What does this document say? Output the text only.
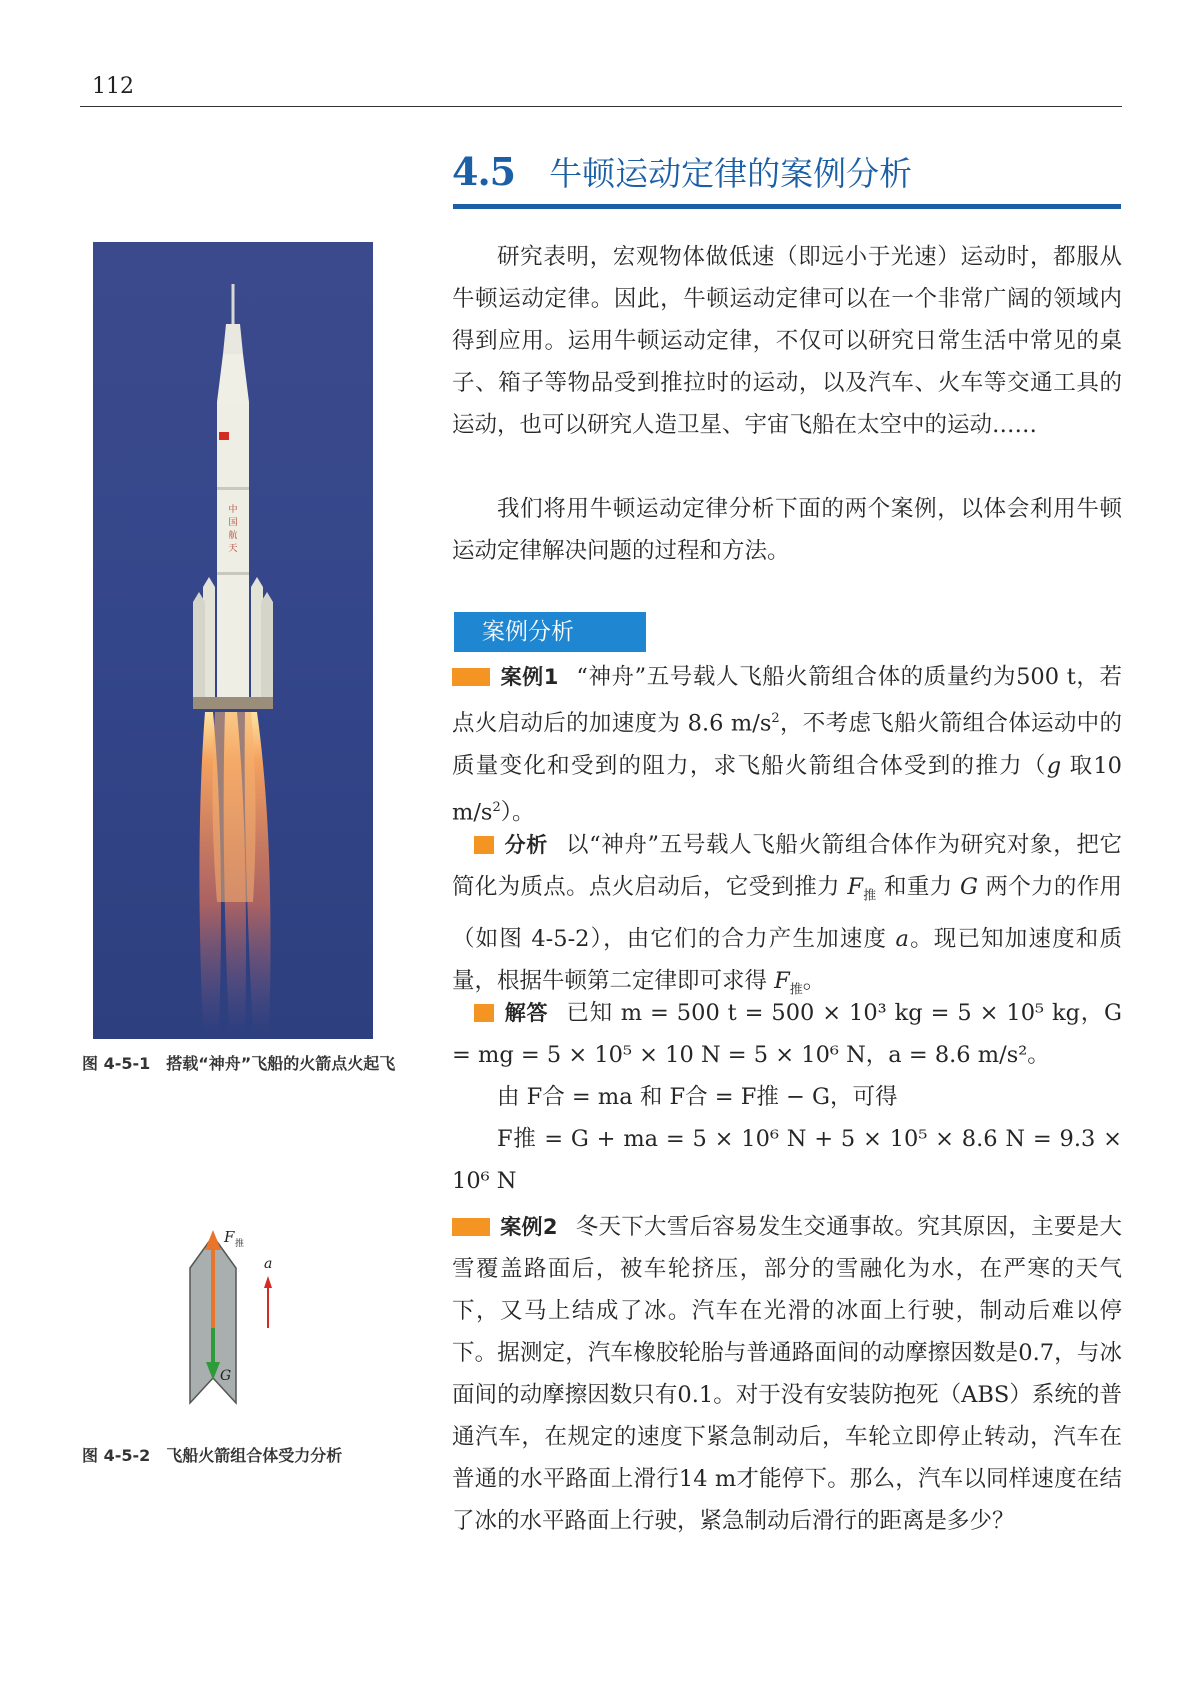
112
4.5 牛顿运动定律的案例分析
研究表明，宏观物体做低速（即远小于光速）运动时，都服从牛顿运动定律。因此，牛顿运动定律可以在一个非常广阔的领域内得到应用。运用牛顿运动定律，不仅可以研究日常生活中常见的桌子、箱子等物品受到推拉时的运动，以及汽车、火车等交通工具的运动，也可以研究人造卫星、宇宙飞船在太空中的运动……
我们将用牛顿运动定律分析下面的两个案例，以体会利用牛顿运动定律解决问题的过程和方法。
案例分析
案例1 “神舟”五号载人飞船火箭组合体的质量约为500 t，若点火启动后的加速度为 8.6 $m/s^2$，不考虑飞船火箭组合体运动中的质量变化和受到的阻力，求飞船火箭组合体受到的推力（g 取10 $m/s^2$）。
分析 以“神舟”五号载人飞船火箭组合体作为研究对象，把它简化为质点。点火启动后，它受到推力 $F_推$ 和重力 G 两个力的作用（如图 4-5-2），由它们的合力产生加速度 a。现已知加速度和质量，根据牛顿第二定律即可求得 $F_推$。
解答 已知 m = 500 t = 500 × 10³ kg = 5 × 10⁵ kg，G = mg = 5 × 10⁵ × 10 N = 5 × 10⁶ N，a = 8.6 m/s²。
由 F合 = ma 和 F合 = F推 − G，可得
F推 = G + ma = 5 × 10⁶ N + 5 × 10⁵ × 8.6 N = 9.3 × 10⁶ N
案例2 冬天下大雪后容易发生交通事故。究其原因，主要是大雪覆盖路面后，被车轮挤压，部分的雪融化为水，在严寒的天气下，又马上结成了冰。汽车在光滑的冰面上行驶，制动后难以停下。据测定，汽车橡胶轮胎与普通路面间的动摩擦因数是0.7，与冰面间的动摩擦因数只有0.1。对于没有安装防抱死（ABS）系统的普通汽车，在规定的速度下紧急制动后，车轮立即停止转动，汽车在普通的水平路面上滑行14 m才能停下。那么，汽车以同样速度在结了冰的水平路面上行驶，紧急制动后滑行的距离是多少？
中
国
航
天
图 4-5-1 搭载“神舟”飞船的火箭点火起飞
F 推
a
G
图 4-5-2 飞船火箭组合体受力分析
